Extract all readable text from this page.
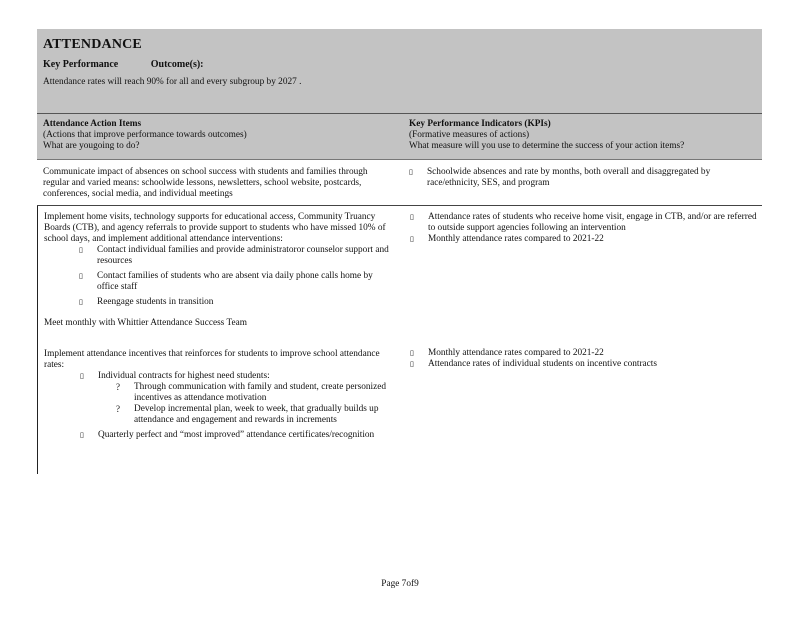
ATTENDANCE
Key Performance	Outcome(s):
Attendance rates will reach 90% for all and every subgroup by 2027 .
Attendance Action Items
(Actions that improve performance towards outcomes)
What are yougoing to do?
Key Performance Indicators (KPIs)
(Formative measures of actions)
What measure will you use to determine the success of your action items?
Communicate impact of absences on school success with students and families through regular and varied means: schoolwide lessons, newsletters, school website, postcards, conferences, social media, and individual meetings
▯ Schoolwide absences and rate by months, both overall and disaggregated by race/ethnicity, SES, and program
Implement home visits, technology supports for educational access, Community Truancy Boards (CTB), and agency referrals to provide support to students who have missed 10% of school days, and implement additional attendance interventions:
▯ Contact individual families and provide administratoror counselor support and resources
▯ Contact families of students who are absent via daily phone calls home by office staff
▯ Reengage students in transition
Meet monthly with Whittier Attendance Success Team
Implement attendance incentives that reinforces for students to improve school attendance rates:
▯ Individual contracts for highest need students:
? Through communication with family and student, create personized incentives as attendance motivation
? Develop incremental plan, week to week, that gradually builds up attendance and engagement and rewards in increments
▯ Quarterly perfect and “most improved” attendance certificates/recognition
▯ Attendance rates of students who receive home visit, engage in CTB, and/or are referred to outside support agencies following an intervention
▯ Monthly attendance rates compared to 2021-22
▯ Monthly attendance rates compared to 2021-22
▯ Attendance rates of individual students on incentive contracts
Page 7of9
